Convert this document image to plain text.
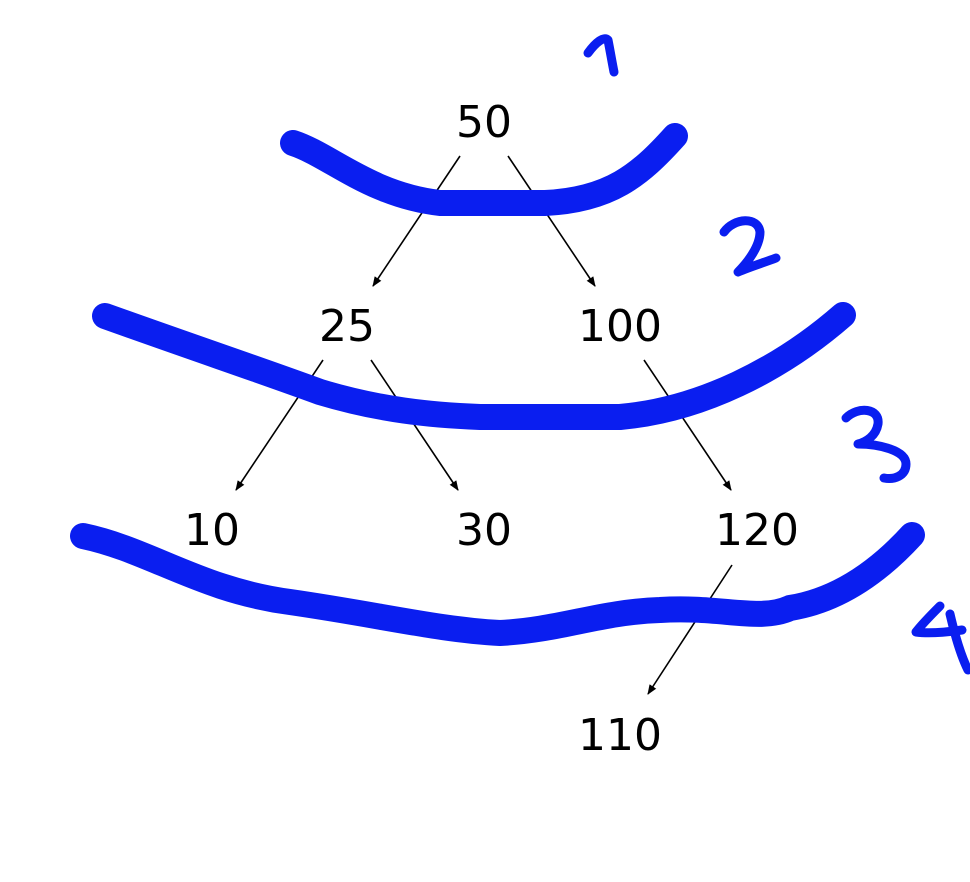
50
25	100
10	30	120
110
